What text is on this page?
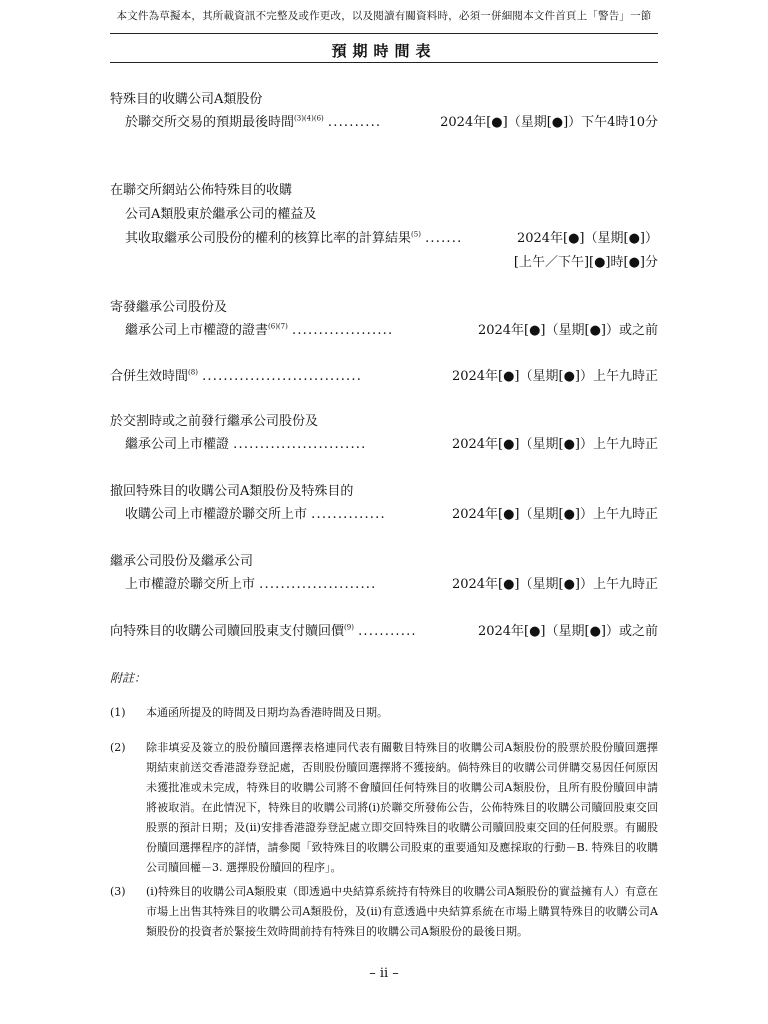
本文件為草擬本，其所載資訊不完整及或作更改，以及閱讀有關資料時，必須一併細閱本文件首頁上「警告」一節
預期時間表
特殊目的收購公司A類股份
於聯交所交易的預期最後時間$^{(3)(4)(6)}$ ..........	2024年[●]（星期[●]）下午4時10分
在聯交所網站公佈特殊目的收購
公司A類股東於繼承公司的權益及
其收取繼承公司股份的權利的核算比率的計算結果$^{(5)}$ .......	2024年[●]（星期[●]）
[上午／下午][●]時[●]分
寄發繼承公司股份及
繼承公司上市權證的證書$^{(6)(7)}$ ...................	2024年[●]（星期[●]）或之前
合併生效時間$^{(8)}$ ..............................	2024年[●]（星期[●]）上午九時正
於交割時或之前發行繼承公司股份及
繼承公司上市權證 .........................	2024年[●]（星期[●]）上午九時正
撤回特殊目的收購公司A類股份及特殊目的
收購公司上市權證於聯交所上市 ..............	2024年[●]（星期[●]）上午九時正
繼承公司股份及繼承公司
上市權證於聯交所上市 ......................	2024年[●]（星期[●]）上午九時正
向特殊目的收購公司贖回股東支付贖回價$^{(9)}$ ...........	2024年[●]（星期[●]）或之前
附註：
(1)	本通函所提及的時間及日期均為香港時間及日期。
(2)	除非填妥及簽立的股份贖回選擇表格連同代表有關數目特殊目的收購公司A類股份的股票於股份贖回選擇期結束前送交香港證券登記處，否則股份贖回選擇將不獲接納。倘特殊目的收購公司併購交易因任何原因未獲批准或未完成，特殊目的收購公司將不會贖回任何特殊目的收購公司A類股份，且所有股份贖回申請將被取消。在此情況下，特殊目的收購公司將(i)於聯交所發佈公告，公佈特殊目的收購公司贖回股東交回股票的預計日期；及(ii)安排香港證券登記處立即交回特殊目的收購公司贖回股東交回的任何股票。有關股份贖回選擇程序的詳情，請參閱「致特殊目的收購公司股東的重要通知及應採取的行動－B. 特殊目的收購公司贖回權－3. 選擇股份贖回的程序」。
(3)	(i)特殊目的收購公司A類股東（即透過中央結算系統持有特殊目的收購公司A類股份的實益擁有人）有意在市場上出售其特殊目的收購公司A類股份，及(ii)有意透過中央結算系統在市場上購買特殊目的收購公司A類股份的投資者於緊接生效時間前持有特殊目的收購公司A類股份的最後日期。
– ii –
